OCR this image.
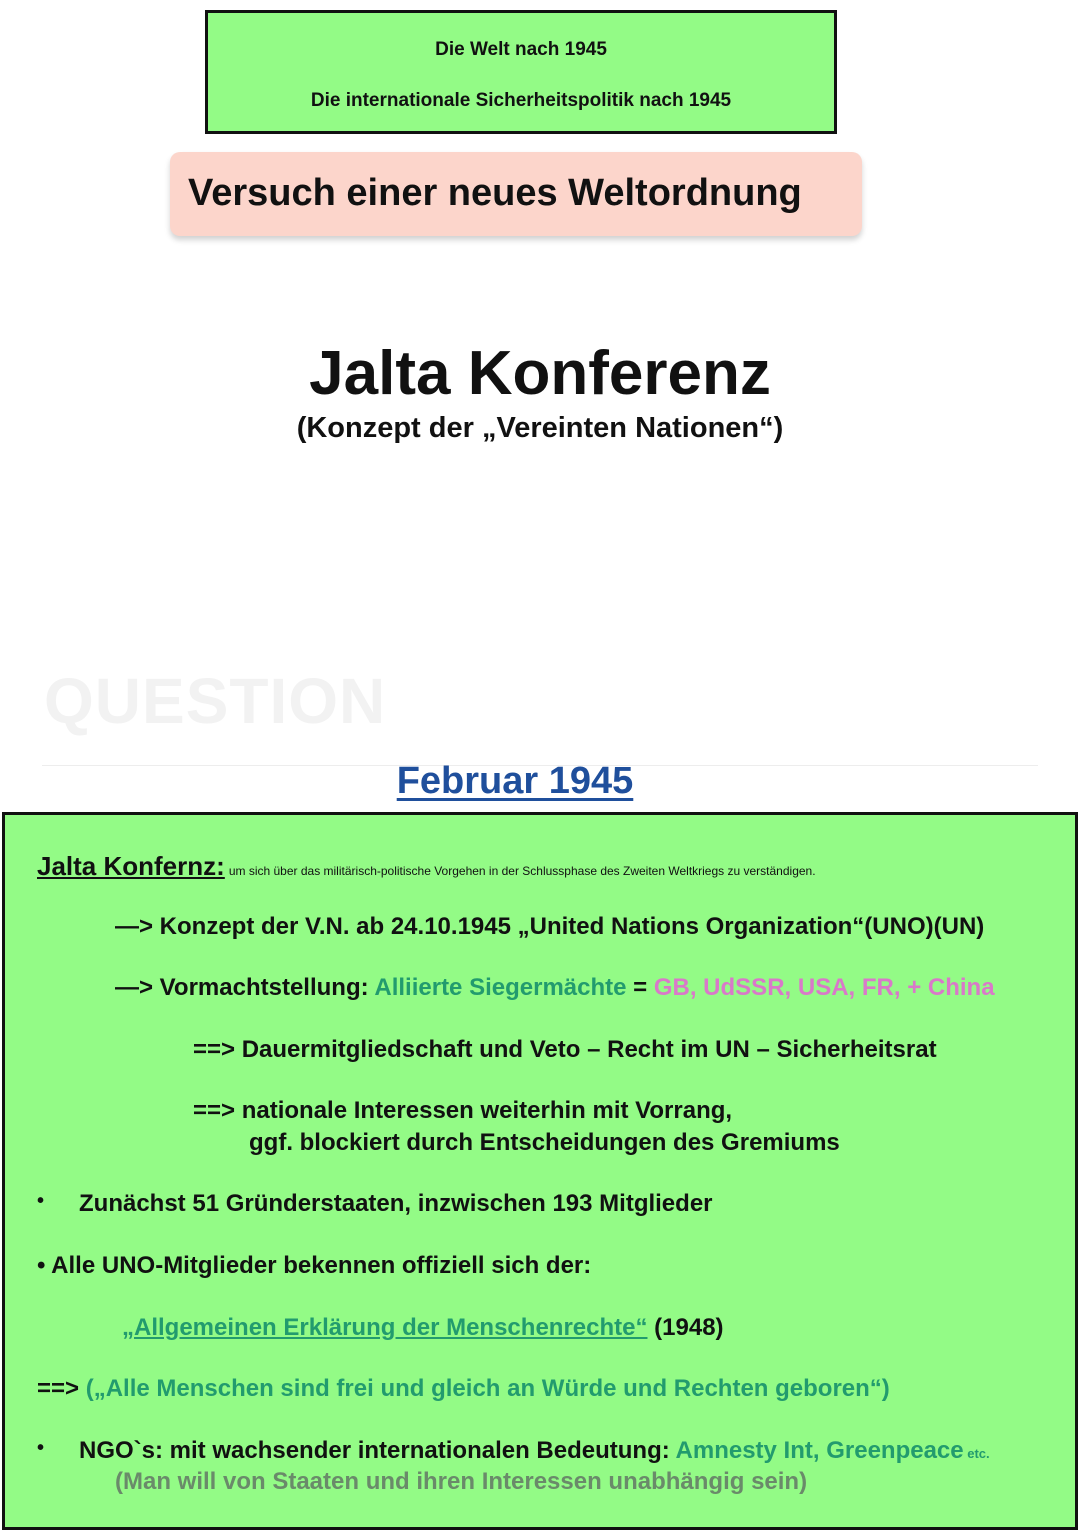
Die Welt nach 1945
Die internationale Sicherheitspolitik nach 1945
Versuch einer neues Weltordnung
Jalta Konferenz
(Konzept der „Vereinten Nationen“)
QUESTION
Februar 1945
Jalta Konfernz: um sich über das militärisch-politische Vorgehen in der Schlussphase des Zweiten Weltkriegs zu verständigen.
—> Konzept der V.N. ab 24.10.1945 „United Nations Organization“(UNO)(UN)
—> Vormachtstellung: Alliierte Siegermächte = GB, UdSSR, USA, FR, + China
==> Dauermitgliedschaft und Veto – Recht im UN – Sicherheitsrat
==> nationale Interessen weiterhin mit Vorrang,
ggf. blockiert durch Entscheidungen des Gremiums
• Zunächst 51 Gründerstaaten, inzwischen 193 Mitglieder
• Alle UNO-Mitglieder bekennen offiziell sich der:
„Allgemeinen Erklärung der Menschenrechte“ (1948)
==> („Alle Menschen sind frei und gleich an Würde und Rechten geboren“)
• NGO`s: mit wachsender internationalen Bedeutung: Amnesty Int, Greenpeace etc.
(Man will von Staaten und ihren Interessen unabhängig sein)
